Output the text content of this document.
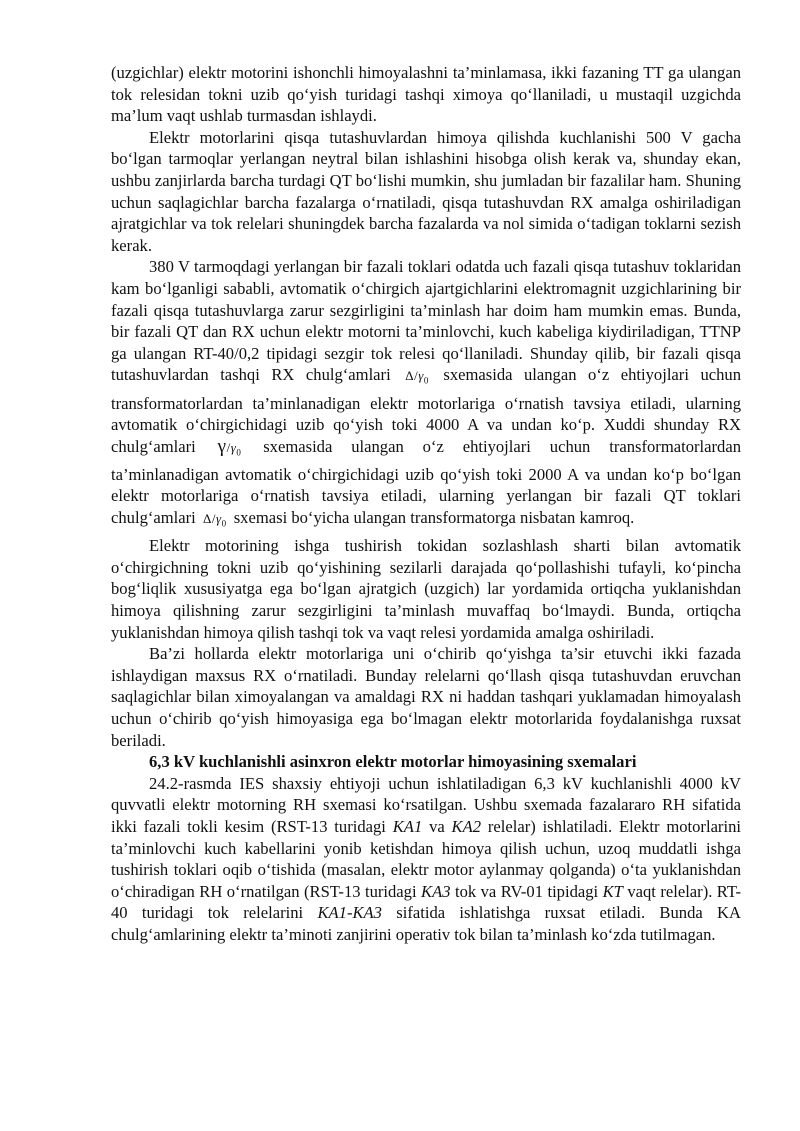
(uzgichlar) elektr motorini ishonchli himoyalashni ta’minlamasa, ikki fazaning TT ga ulangan tok relesidan tokni uzib qo‘yish turidagi tashqi ximoya qo‘llaniladi, u mustaqil uzgichda ma’lum vaqt ushlab turmasdan ishlaydi.

Elektr motorlarini qisqa tutashuvlardan himoya qilishda kuchlanishi 500 V gacha bo‘lgan tarmoqlar yerlangan neytral bilan ishlashini hisobga olish kerak va, shunday ekan, ushbu zanjirlarda barcha turdagi QT bo‘lishi mumkin, shu jumladan bir fazalilar ham. Shuning uchun saqlagichlar barcha fazalarga o‘rnatiladi, qisqa tutashuvdan RX amalga oshiriladigan ajratgichlar va tok relelari shuningdek barcha fazalarda va nol simida o‘tadigan toklarni sezish kerak.

380 V tarmoqdagi yerlangan bir fazali toklari odatda uch fazali qisqa tutashuv toklaridan kam bo‘lganligi sababli, avtomatik o‘chirgich ajartgichlarini elektromagnit uzgichlarining bir fazali qisqa tutashuvlarga zarur sezgirligini ta’minlash har doim ham mumkin emas. Bunda, bir fazali QT dan RX uchun elektr motorni ta’minlovchi, kuch kabeliga kiydiriladigan, TTNP ga ulangan RT-40/0,2 tipidagi sezgir tok relesi qo‘llaniladi. Shunday qilib, bir fazali qisqa tutashuvlardan tashqi RX chulg‘amlari $\Delta/\gamma_0$ sxemasida ulangan o‘z ehtiyojlari uchun transformatorlardan ta’minlanadigan elektr motorlariga o‘rnatish tavsiya etiladi, ularning avtomatik o‘chirgichidagi uzib qo‘yish toki 4000 A va undan ko‘p. Xuddi shunday RX chulg‘amlari $\gamma/\gamma_0$ sxemasida ulangan o‘z ehtiyojlari uchun transformatorlardan ta’minlanadigan avtomatik o‘chirgichidagi uzib qo‘yish toki 2000 A va undan ko‘p bo‘lgan elektr motorlariga o‘rnatish tavsiya etiladi, ularning yerlangan bir fazali QT toklari chulg‘amlari $\Delta/\gamma_0$ sxemasi bo‘yicha ulangan transformatorga nisbatan kamroq.

Elektr motorining ishga tushirish tokidan sozlashlash sharti bilan avtomatik o‘chirgichning tokni uzib qo‘yishining sezilarli darajada qo‘pollashishi tufayli, ko‘pincha bog‘liqlik xususiyatga ega bo‘lgan ajratgich (uzgich) lar yordamida ortiqcha yuklanishdan himoya qilishning zarur sezgirligini ta’minlash muvaffaq bo‘lmaydi. Bunda, ortiqcha yuklanishdan himoya qilish tashqi tok va vaqt relesi yordamida amalga oshiriladi.

Ba’zi hollarda elektr motorlariga uni o‘chirib qo‘yishga ta’sir etuvchi ikki fazada ishlaydigan maxsus RX o‘rnatiladi. Bunday relelarni qo‘llash qisqa tutashuvdan eruvchan saqlagichlar bilan ximoyalangan va amaldagi RX ni haddan tashqari yuklamadan himoyalash uchun o‘chirib qo‘yish himoyasiga ega bo‘lmagan elektr motorlarida foydalanishga ruxsat beriladi.

6,3 kV kuchlanishli asinxron elektr motorlar himoyasining sxemalari

24.2-rasmda IES shaxsiy ehtiyoji uchun ishlatiladigan 6,3 kV kuchlanishli 4000 kV quvvatli elektr motorning RH sxemasi ko‘rsatilgan. Ushbu sxemada fazalararo RH sifatida ikki fazali tokli kesim (RST-13 turidagi KA1 va KA2 relelar) ishlatiladi. Elektr motorlarini ta’minlovchi kuch kabellarini yonib ketishdan himoya qilish uchun, uzoq muddatli ishga tushirish toklari oqib o‘tishida (masalan, elektr motor aylanmay qolganda) o‘ta yuklanishdan o‘chiradigan RH o‘rnatilgan (RST-13 turidagi KA3 tok va RV-01 tipidagi KT vaqt relelar). RT-40 turidagi tok relelarini KA1-KA3 sifatida ishlatishga ruxsat etiladi. Bunda KA chulg‘amlarining elektr ta’minoti zanjirini operativ tok bilan ta’minlash ko‘zda tutilmagan.
